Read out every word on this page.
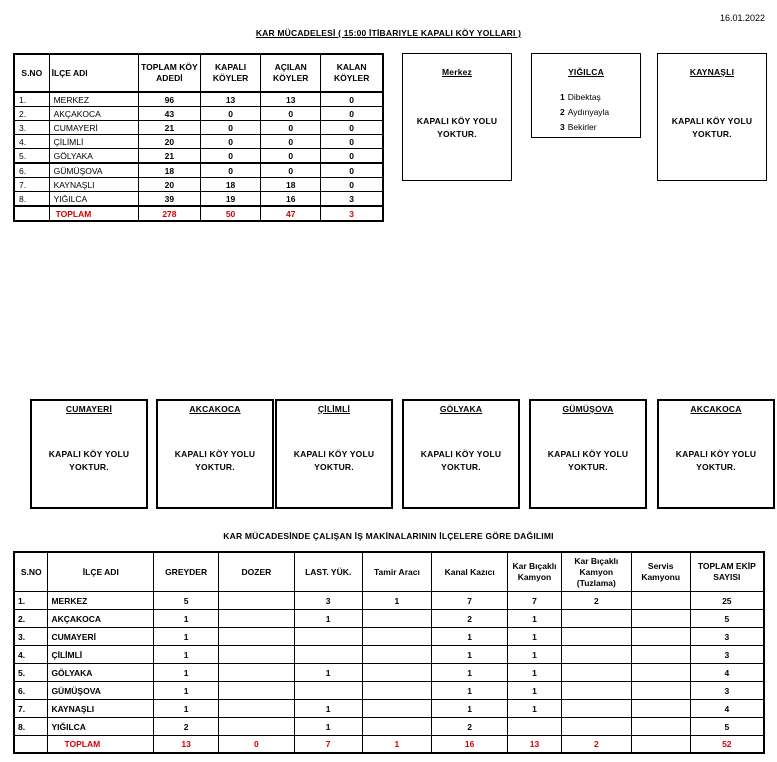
16.01.2022
KAR MÜCADELESİ ( 15:00 İTİBARIYLE KAPALI KÖY YOLLARI )
S.NO	İLÇE ADI	TOPLAM KÖY ADEDİ	KAPALI KÖYLER	AÇILAN KÖYLER	KALAN KÖYLER
1.	MERKEZ	96	13	13	0
2.	AKÇAKOCA	43	0	0	0
3.	CUMAYERİ	21	0	0	0
4.	ÇİLİMLİ	20	0	0	0
5.	GÖLYAKA	21	0	0	0
6.	GÜMÜŞOVA	18	0	0	0
7.	KAYNAŞLI	20	18	18	0
8.	YIĞILCA	39	19	16	3
	TOPLAM	278	50	47	3
Merkez
KAPALI KÖY YOLU
YOKTUR.
YIĞILCA
1 Dibektaş
2 Aydınyayla
3 Bekirler
KAYNAŞLI
KAPALI KÖY YOLU
YOKTUR.
CUMAYERİ
KAPALI KÖY YOLU
YOKTUR.
AKCAKOCA
KAPALI KÖY YOLU
YOKTUR.
ÇİLİMLİ
KAPALI KÖY YOLU
YOKTUR.
GÖLYAKA
KAPALI KÖY YOLU
YOKTUR.
GÜMÜŞOVA
KAPALI KÖY YOLU
YOKTUR.
AKCAKOCA
KAPALI KÖY YOLU
YOKTUR.
KAR MÜCADESİNDE ÇALIŞAN İŞ MAKİNALARININ İLÇELERE GÖRE DAĞILIMI
S.NO	İLÇE ADI	GREYDER	DOZER	LAST. YÜK.	Tamir Aracı	Kanal Kazıcı	Kar Bıçaklı Kamyon	Kar Bıçaklı Kamyon (Tuzlama)	Servis Kamyonu	TOPLAM EKİP SAYISI
1.	MERKEZ	5		3	1	7	7	2		25
2.	AKÇAKOCA	1		1		2	1			5
3.	CUMAYERİ	1				1	1			3
4.	ÇİLİMLİ	1				1	1			3
5.	GÖLYAKA	1		1		1	1			4
6.	GÜMÜŞOVA	1				1	1			3
7.	KAYNAŞLI	1		1		1	1			4
8.	YIĞILCA	2		1		2				5
	TOPLAM	13	0	7	1	16	13	2		52
